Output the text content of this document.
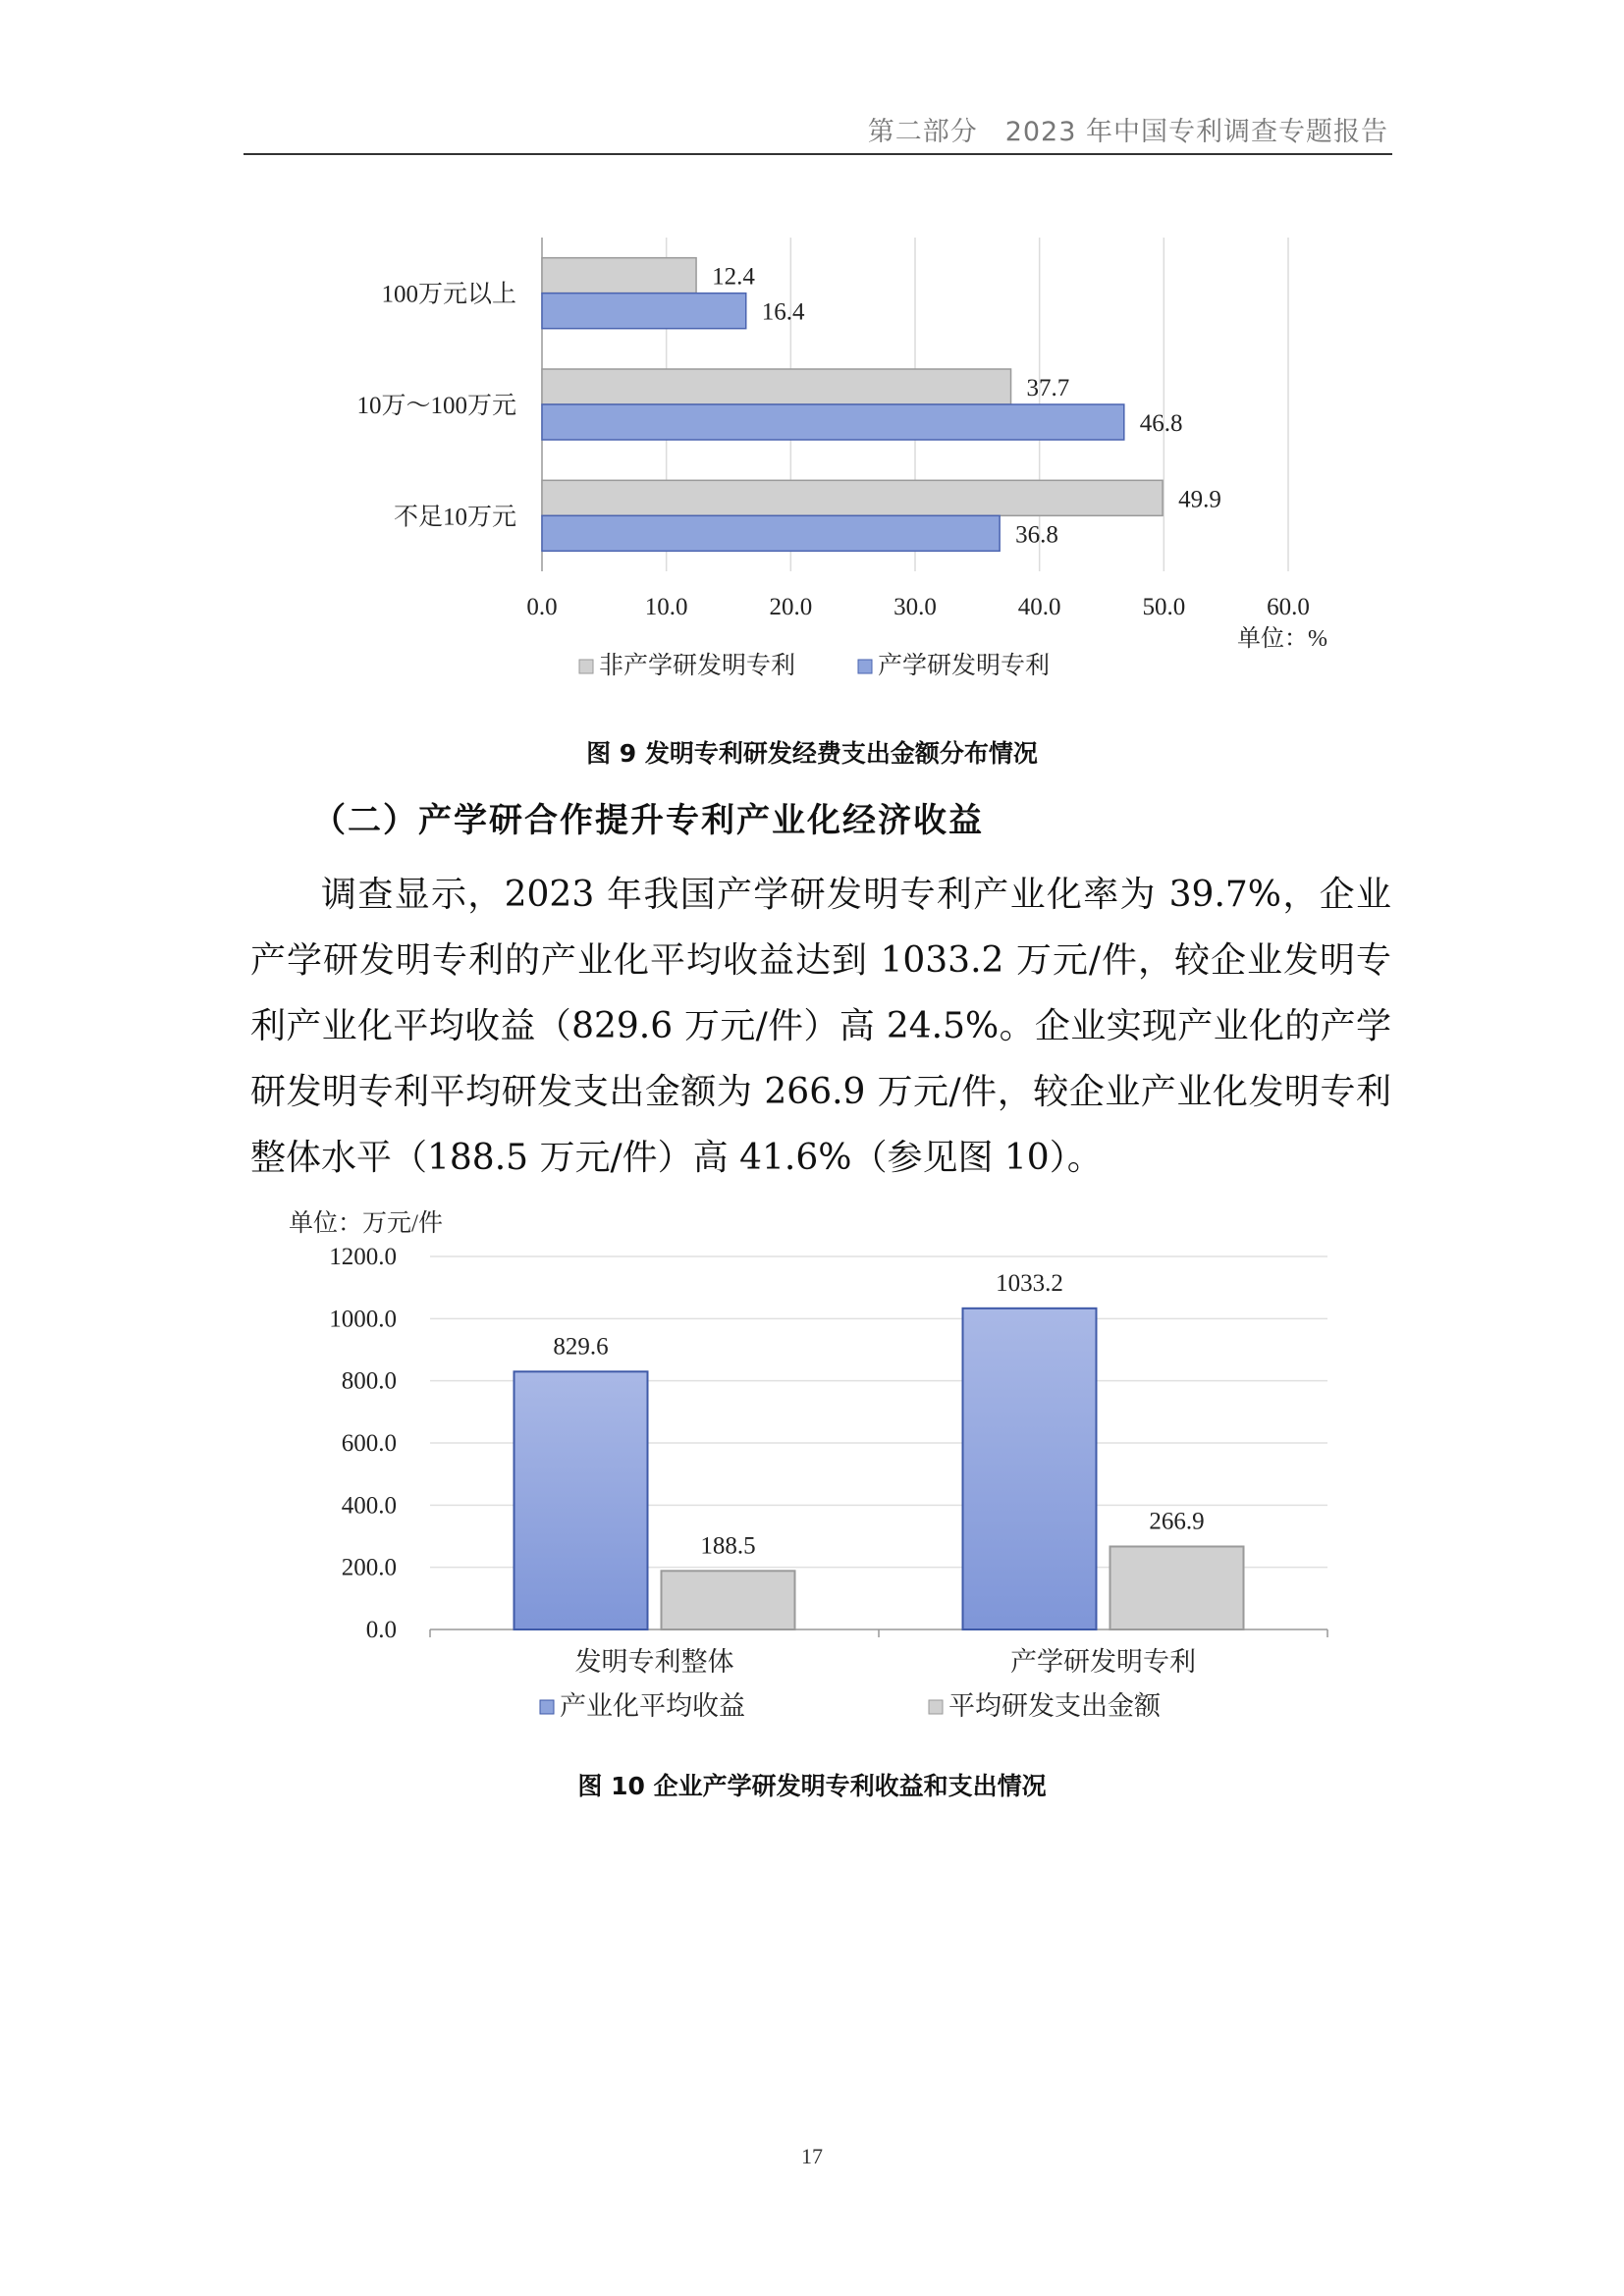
第二部分　2023 年中国专利调查专题报告
12.4
16.4
37.7
46.8
49.9
36.8
100万元以上
10万～100万元
不足10万元
0.0	10.0	20.0	30.0	40.0	50.0	60.0
单位：%
非产学研发明专利	产学研发明专利
图 9 发明专利研发经费支出金额分布情况
（二）产学研合作提升专利产业化经济收益
调查显示，2023 年我国产学研发明专利产业化率为 39.7%，企业产学研发明专利的产业化平均收益达到 1033.2 万元/件，较企业发明专利产业化平均收益（829.6 万元/件）高 24.5%。企业实现产业化的产学研发明专利平均研发支出金额为 266.9 万元/件，较企业产业化发明专利整体水平（188.5 万元/件）高 41.6%（参见图 10）。
单位：万元/件
0.0
200.0
400.0
600.0
800.0
1000.0
1200.0
829.6
188.5
1033.2
266.9
发明专利整体	产学研发明专利
产业化平均收益	平均研发支出金额
图 10 企业产学研发明专利收益和支出情况
17
